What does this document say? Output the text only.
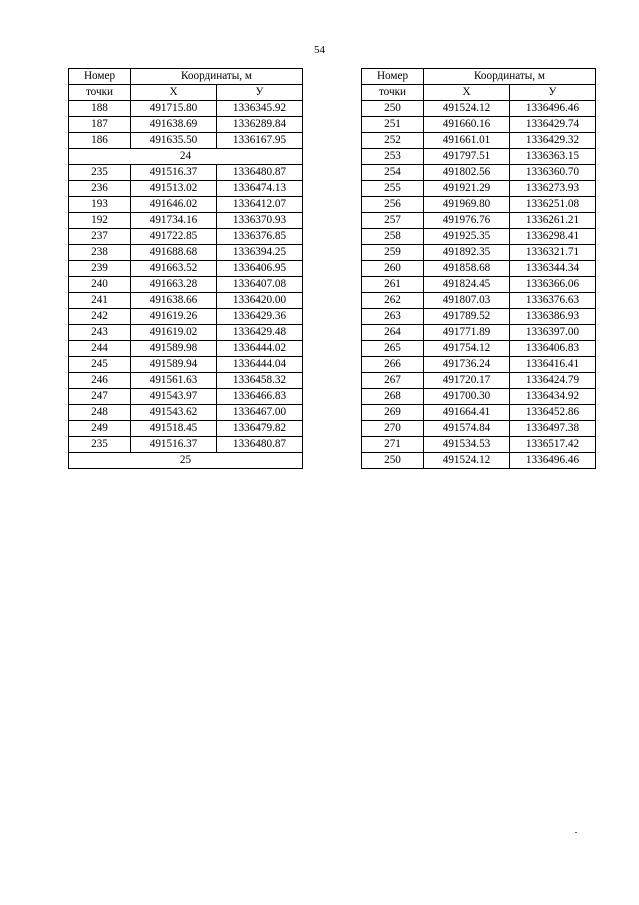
54
Номер	Координаты, м	
точки	X	У
188	491715.80	1336345.92
187	491638.69	1336289.84
186	491635.50	1336167.95
24		
235	491516.37	1336480.87
236	491513.02	1336474.13
193	491646.02	1336412.07
192	491734.16	1336370.93
237	491722.85	1336376.85
238	491688.68	1336394.25
239	491663.52	1336406.95
240	491663.28	1336407.08
241	491638.66	1336420.00
242	491619.26	1336429.36
243	491619.02	1336429.48
244	491589.98	1336444.02
245	491589.94	1336444.04
246	491561.63	1336458.32
247	491543.97	1336466.83
248	491543.62	1336467.00
249	491518.45	1336479.82
235	491516.37	1336480.87
25		
Номер	Координаты, м	
точки	X	У
250	491524.12	1336496.46
251	491660.16	1336429.74
252	491661.01	1336429.32
253	491797.51	1336363.15
254	491802.56	1336360.70
255	491921.29	1336273.93
256	491969.80	1336251.08
257	491976.76	1336261.21
258	491925.35	1336298.41
259	491892.35	1336321.71
260	491858.68	1336344.34
261	491824.45	1336366.06
262	491807.03	1336376.63
263	491789.52	1336386.93
264	491771.89	1336397.00
265	491754.12	1336406.83
266	491736.24	1336416.41
267	491720.17	1336424.79
268	491700.30	1336434.92
269	491664.41	1336452.86
270	491574.84	1336497.38
271	491534.53	1336517.42
250	491524.12	1336496.46
